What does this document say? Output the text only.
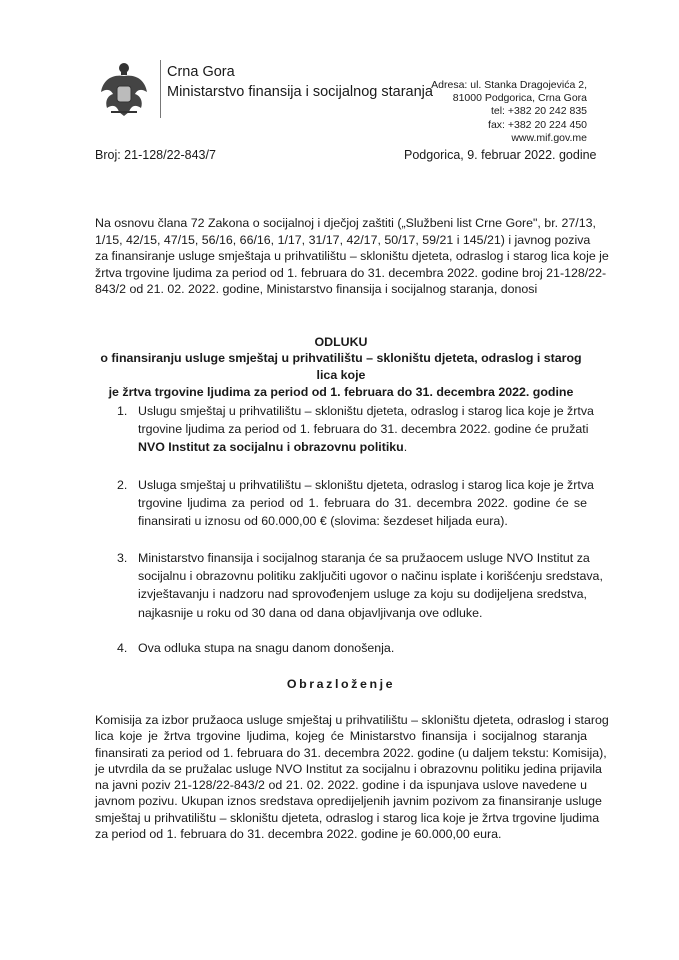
Crna Gora
Ministarstvo finansija i socijalnog staranja
Adresa: ul. Stanka Dragojevića 2,
81000 Podgorica, Crna Gora
tel: +382 20 242 835
fax: +382 20 224 450
www.mif.gov.me
Broj: 21-128/22-843/7	Podgorica, 9. februar 2022. godine
Na osnovu člana 72 Zakona o socijalnoj i dječjoj zaštiti („Službeni list Crne Gore", br. 27/13,
1/15, 42/15, 47/15, 56/16, 66/16, 1/17, 31/17, 42/17, 50/17, 59/21 i 145/21) i javnog poziva
za finansiranje usluge smještaja u prihvatilištu – skloništu djeteta, odraslog i starog lica koje je
žrtva trgovine ljudima za period od 1. februara do 31. decembra 2022. godine broj 21-128/22-
843/2 od 21. 02. 2022. godine, Ministarstvo finansija i socijalnog staranja, donosi
ODLUKU
o finansiranju usluge smještaj u prihvatilištu – skloništu djeteta, odraslog i starog lica koje
je žrtva trgovine ljudima za period od 1. februara do 31. decembra 2022. godine
1. Uslugu smještaj u prihvatilištu – skloništu djeteta, odraslog i starog lica koje je žrtva
trgovine ljudima za period od 1. februara do 31. decembra 2022. godine će pružati
NVO Institut za socijalnu i obrazovnu politiku.
2. Usluga smještaj u prihvatilištu – skloništu djeteta, odraslog i starog lica koje je žrtva
trgovine ljudima za period od 1. februara do 31. decembra 2022. godine će se
finansirati u iznosu od 60.000,00 € (slovima: šezdeset hiljada eura).
3. Ministarstvo finansija i socijalnog staranja će sa pružaocem usluge NVO Institut za
socijalnu i obrazovnu politiku zaključiti ugovor o načinu isplate i korišćenju sredstava,
izvještavanju i nadzoru nad sprovođenjem usluge za koju su dodijeljena sredstva,
najkasnije u roku od 30 dana od dana objavljivanja ove odluke.
4. Ova odluka stupa na snagu danom donošenja.
Obrazloženje
Komisija za izbor pružaoca usluge smještaj u prihvatilištu – skloništu djeteta, odraslog i starog
lica koje je žrtva trgovine ljudima, kojeg će Ministarstvo finansija i socijalnog staranja
finansirati za period od 1. februara do 31. decembra 2022. godine (u daljem tekstu: Komisija),
je utvrdila da se pružalac usluge NVO Institut za socijalnu i obrazovnu politiku jedina prijavila
na javni poziv 21-128/22-843/2 od 21. 02. 2022. godine i da ispunjava uslove navedene u
javnom pozivu. Ukupan iznos sredstava opredijeljenih javnim pozivom za finansiranje usluge
smještaj u prihvatilištu – skloništu djeteta, odraslog i starog lica koje je žrtva trgovine ljudima
za period od 1. februara do 31. decembra 2022. godine je 60.000,00 eura.
